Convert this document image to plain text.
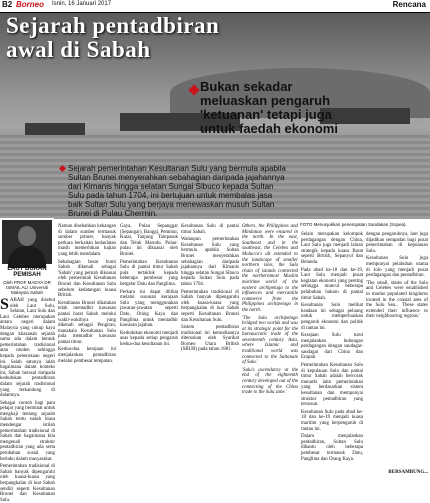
B2 Borneo Isnin, 16 Januari 2017	Rencana
Sejarah pentadbiran
awal di Sabah
Bukan sekadar meluaskan pengaruh 'ketuanan' tetapi juga untuk faedah ekonomi
Sejarah pemerintahan Kesultanan Sulu yang bermula apabila Sultan Brunei menyerahkan sebahagian daripada jajahannya dari Kimanis hingga selatan Sungai Sibuco kepada Sultan Sulu pada tahun 1704, ini bertujuan untuk membalas jasa baik Sultan Sulu yang berjaya menewaskan musuh Sultan Brunei di Pulau Cherrnin.
FOTO Menunjukkan penempatan Sandakan (Sopea).
LAUT BUKAN PEMISAH
Oleh PROF MADYA DR ISMAIL ALI Universiti Malaysia Sabah

SABAH yang disebut oleh Laut Sulu, Selatan, Laut Sulu dan Laut Celebes merupakan antara negeri dalam Malaysia yang cukup kaya dengan khazanah sejarah sama ada dalam bentuk pemerintahan tradisional atau moden sehingga kepada penerokaan negeri ini. Salah satunya ialah bagaimana dalam konteks ini, Sabah berasal daripada kedudukan pentadbiran dalam sejarah tradisional yang terkandung di dalamnya.

Sebagai contoh bagi para pelajar yang berminat untuk mengkaji tentang sejarah Sabah tentu sudah biasa mendengar istilah pemerintahan tradisional di Sabah dan bagaimana kita mengenali struktur pentadbiran yang ada serta perubahan sosial yang berlaku dalam masyarakat.

Pemerintahan tradisional di Sabah banyak dipengaruhi oleh kuasa-kuasa yang berpangkalan di luar Sabah sendiri seperti Kesultanan Brunei dan Kesultanan Sulu.

Namun disebabkan kekangan di dalam sumber termasuk sumber primer, banyak perkara berkaitan kedaulatan masih memerlukan kajian yang lebih mendalam.

Sebahagian besar bumi Sabah dikenali sebagai 'Sabah' yang pernah dikuasai oleh pemerintah Kesultanan Brunei dan Kesultanan Sulu sebelum kedatangan kuasa British.

Kesultanan Brunei dikatakan telah mentadbir kawasan pantai barat Sabah melalui wakil-wakilnya yang dikenali sebagai Pengiran, manakala Kesultanan Sulu pula mentadbir kawasan pantai timur.

Kedua-dua kerajaan ini menjalankan pentadbiran melalui pembesar tempatan.

Gaya, Pulau Sepanggar (Sepangar), Banggi, Pemmui, Kutai, Tanjung Tampasuk dan Teluk Marudu. Pulau-pulau ini dikuasai oleh Brunei.

Pemerintahan Kesultanan Sulu di pantai timur Sabah pula tertakluk kepada beberapa pembesar yang bergelar Datu dan Panglima.

Perkara ini dapat dilihat melalui susunan kerajaan Sulu yang menggunakan jawatan-jawatan seperti Dato, Orang Kaya dan Panglima untuk mentadbir kawasan jajahan.

Kedudukan ekonomi menjadi asas kepada setiap pengaruh kedua-dua kesultanan ini.

Kesultanan Sulu di pantai timur Sabah.

Walaupun pemerintahan Kesultanan Sulu yang bermula apabila Sultan Brunei menyerahkan sebahagian daripada jajahannya dari Kimanis hingga selatan Sungai Sibuco kepada Sultan Sulu pada tahun 1704.

Pemerintahan tradisional di Sabah banyak dipengaruhi oleh kuasa-kuasa yang berpangkalan di luar Sabah seperti Kesultanan Brunei dan Kesultanan Sulu.

Sistem pentadbiran tradisional ini kemudiannya diteruskan oleh Syarikat Borneo Utara British (SBUB) pada tahun 1881.

Others, the Philippines and Mindanao were ensured in the north. In the east, Southeast and in the southeast, the Celebes and Molucca's all extended to the landscape of smaller northern isles, the Sulu chain of islands connected the northernmost Muslim maritime world of the eastern archipelago to the influences and mercantile commerce from the Philippines archipelago in the north.

'The Sulu archipelago bridged two worlds and was at its strategic point for the bureaucratic trade of the seventeenth century Asia, where Islamic and traditional world was connected to the Sultanate of Sulu.'

'Sulu's ascendancy at the end of the eighteenth century developed out of the connecting of the China trade to the Sulu zone.'

Selain merupakan kelompok perdagangan dengan China, Laut Sulu juga menjadi laluan strategik kepada kuasa Barat seperti British, Sepanyol dan Belanda.

Pada abad ke-18 dan ke-19, Laut Sulu menjadi pusat kegiatan ekonomi yang penting sehingga muncul beberapa pelabuhan baharu di pantai timur Sabah.

Kesultanan Sulu melihat keadaan ini sebagai peluang untuk memperluaskan pengaruh ekonomi dan politik di rantau ini.

Kerajaan Sulu turut menjalankan hubungan perdagangan dengan saudagar-saudagar dari China dan Eropah.

Pemerintahan Kesultanan Sulu di kepulauan Sulu dan pantai timur Sabah adalah bercorak monarki iaitu pemerintahan yang berdasarkan sistem kesultanan dan mempunyai struktur pentadbiran yang tersusun.

Kesultanan Sulu pada abad ke-18 dan ke-19 menjadi kuasa maritim yang berpengaruh di rantau ini.

Dalam menjalankan pentadbiran, Sultan Sulu dibantu oleh beberapa pembesar termasuk Datu, Panglima dan Orang Kaya.

dengan pengaruhnya, laut juga dijadikan sempadan bagi pusat pemerintahan di kepulauan Sulu.

Kesultanan Sulu juga mempunyai pelabuhan utama di Jolo yang menjadi pusat perdagangan dan pentadbiran.

'The small, states of the Sulu and Celebes were established in marine populated kingdoms located in the coastal area of the Sulu Sea... These states extended their influence to their neighbouring regions.'

BERSAMBUNG...
